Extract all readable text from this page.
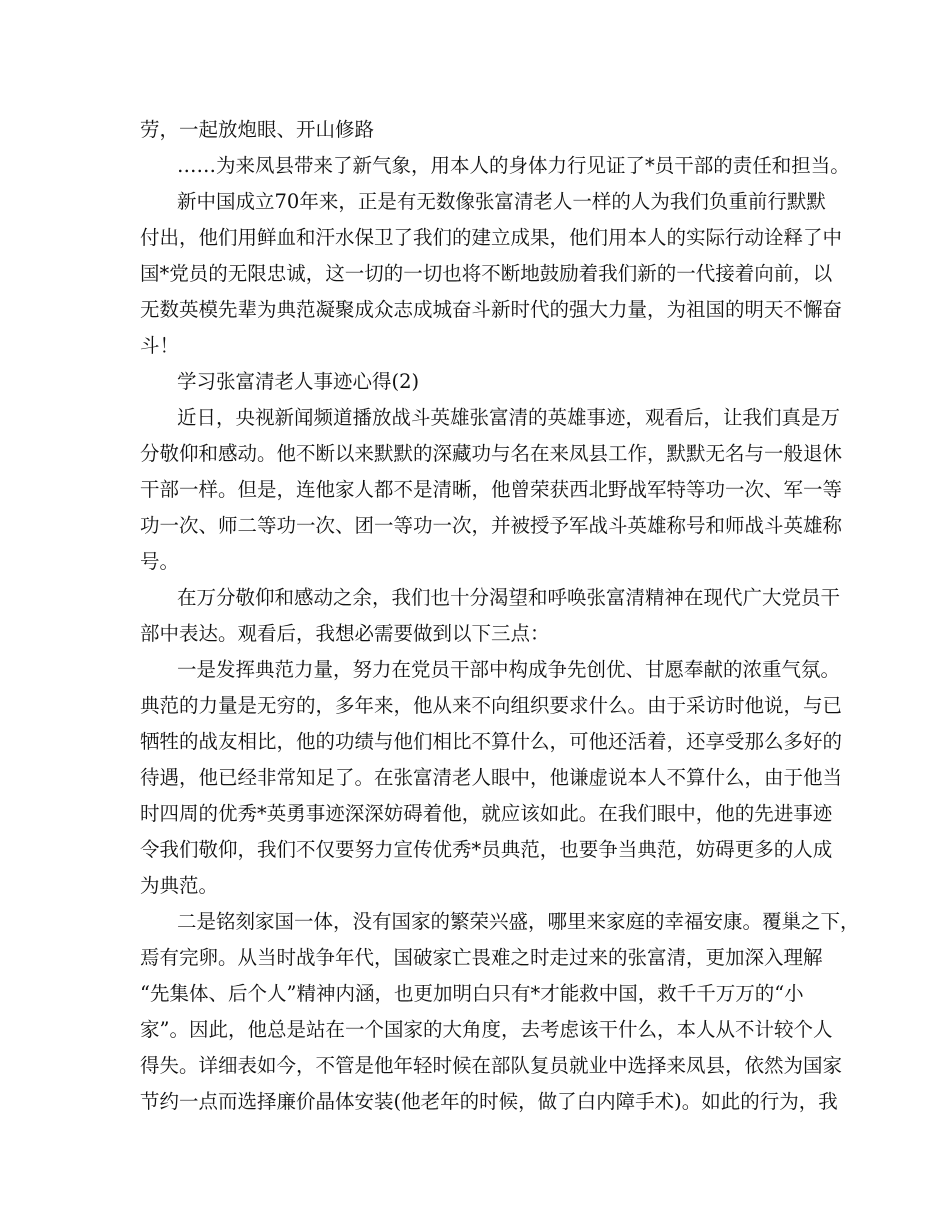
劳，一起放炮眼、开山修路

……为来凤县带来了新气象，用本人的身体力行见证了*员干部的责任和担当。

新中国成立70年来，正是有无数像张富清老人一样的人为我们负重前行默默

付出，他们用鲜血和汗水保卫了我们的建立成果，他们用本人的实际行动诠释了中

国*党员的无限忠诚，这一切的一切也将不断地鼓励着我们新的一代接着向前，以

无数英模先辈为典范凝聚成众志成城奋斗新时代的强大力量，为祖国的明天不懈奋

斗！

学习张富清老人事迹心得(2)

近日，央视新闻频道播放战斗英雄张富清的英雄事迹，观看后，让我们真是万

分敬仰和感动。他不断以来默默的深藏功与名在来凤县工作，默默无名与一般退休

干部一样。但是，连他家人都不是清晰，他曾荣获西北野战军特等功一次、军一等

功一次、师二等功一次、团一等功一次，并被授予军战斗英雄称号和师战斗英雄称

号。

在万分敬仰和感动之余，我们也十分渴望和呼唤张富清精神在现代广大党员干

部中表达。观看后，我想必需要做到以下三点：

一是发挥典范力量，努力在党员干部中构成争先创优、甘愿奉献的浓重气氛。

典范的力量是无穷的，多年来，他从来不向组织要求什么。由于采访时他说，与已

牺牲的战友相比，他的功绩与他们相比不算什么，可他还活着，还享受那么多好的

待遇，他已经非常知足了。在张富清老人眼中，他谦虚说本人不算什么，由于他当

时四周的优秀*英勇事迹深深妨碍着他，就应该如此。在我们眼中，他的先进事迹

令我们敬仰，我们不仅要努力宣传优秀*员典范，也要争当典范，妨碍更多的人成

为典范。

二是铭刻家国一体，没有国家的繁荣兴盛，哪里来家庭的幸福安康。覆巢之下，

焉有完卵。从当时战争年代，国破家亡畏难之时走过来的张富清，更加深入理解

“先集体、后个人”精神内涵，也更加明白只有*才能救中国，救千千万万的“小

家”。因此，他总是站在一个国家的大角度，去考虑该干什么，本人从不计较个人

得失。详细表如今，不管是他年轻时候在部队复员就业中选择来凤县，依然为国家

节约一点而选择廉价晶体安装(他老年的时候，做了白内障手术)。如此的行为，我
